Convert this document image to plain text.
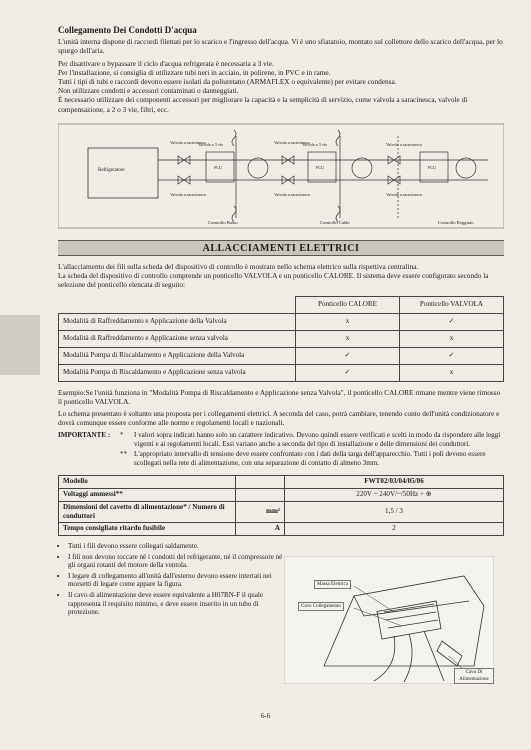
Collegamento Dei Condotti D'acqua

L'unità interna dispone di raccordi filettati per lo scarico e l'ingresso dell'acqua. Vi è uno sfiatatoio, montato sul collettore dello scarico dell'acqua, per lo spurgo dell'aria.

Per disattivare o bypassare il ciclo d'acqua refrigerata è necessaria a 3 vie.

Per l'installazione, si consiglia di utilizzare tubi neri in acciaio, in polirene, in PVC e in rame.

Tutti i tipi di tubi e raccordi devono essere isolati da poliuretano (ARMAFLEX o equivalente) per evitare condensa.

Non utilizzare condotti e accessori contaminati o danneggiati.

È necessario utilizzare dei componenti accessori per migliorare la capacità e la semplicità di servizio, come valvola a saracinesca, valvole di compensazione, a 2 o 3 vie, filtri, ecc.

Refrigeratore
Valvola a saracinesca
Valvola a 3 vie
Valvola a saracinesca
FCU
Valvola a saracinesca
Valvola a 3 vie
Valvola a saracinesca
FCU
Valvola a saracinesca
Valvola a saracinesca
FCU
Controllo Basso	Controllo Caldo	Controllo Reggiuto
ALLACCIAMENTI ELETTRICI

L'allacciamento dei fili sulla scheda del dispositivo di controllo è mostrato nello schema elettrico sulla rispettiva centralina.

La scheda del dispositivo di controllo comprende un ponticello VALVOLA e un ponticello CALORE. Il sistema deve essere configurato secondo la selezione del ponticello elencata di seguito:

	Ponticello CALORE	Ponticello VALVOLA
Modalità di Raffreddamento e Applicazione della Valvola	x	✓
Modalità di Raffreddamento e Applicazione senza valvola	x	x
Modalità Pompa di Riscaldamento e Applicazione della Valvola	✓	✓
Modalità Pompa di Riscaldamento e Applicazione senza valvola	✓	x

Esempio:Se l'unità funziona in "Modalità Pompa di Riscaldamento e Applicazione senza Valvola", il ponticello CALORE rimane mentre viene rimosso il ponticello VALVOLA.

Lo schema presentato è soltanto una proposta per i collegamenti elettrici. A seconda del caso, potrà cambiare, tenendo conto dell'unità condizionatore e dovrà comunque essere conforme alle norme e regolamenti locali e nazionali.

IMPORTANTE :	*	I valori sopra indicati hanno solo un carattere indicativo. Devono quindi essere verificati e scelti in modo da rispondere alle leggi vigenti e ai regolamenti locali. Essi variano anche a seconda del tipo di installazione e delle dimensioni dei conduttori.
** L'appropriato intervallo di tensione deve essere confrontato con i dati della targa dell'apparecchio. Tutti i poli devono essere scollegati nella rete di alimentazione, con una separazione di contatto di almeno 3mm.
Modello		FWT02/03/04/05/06
Voltaggi ammessi**		220V ~ 240V/~/50Hz + ⊕
Dimensioni del cavetto di alimentazione* / Numero di conduttori	mm²	1,5 / 3
Tempo consigliato ritardo fusibile	A	2
• Tutti i fili devono essere collegati saldamente.
• I fili non devono toccare né i condotti del refrigerante, né il compressore né gli organi rotanti del motore della ventola.
• I legare di collegamento all'unità dall'esterno devono essere interrati nei morsetti di legare come appare la figura.
• Il cavo di alimentazione deve essere equivalente a H07RN-F il quale rappresenta il requisito minimo, e deve essere inserito in un tubo di protezione.
Massa Elettrica
Cavo Collegamento
Cavo Di Alimentazione
6-6
